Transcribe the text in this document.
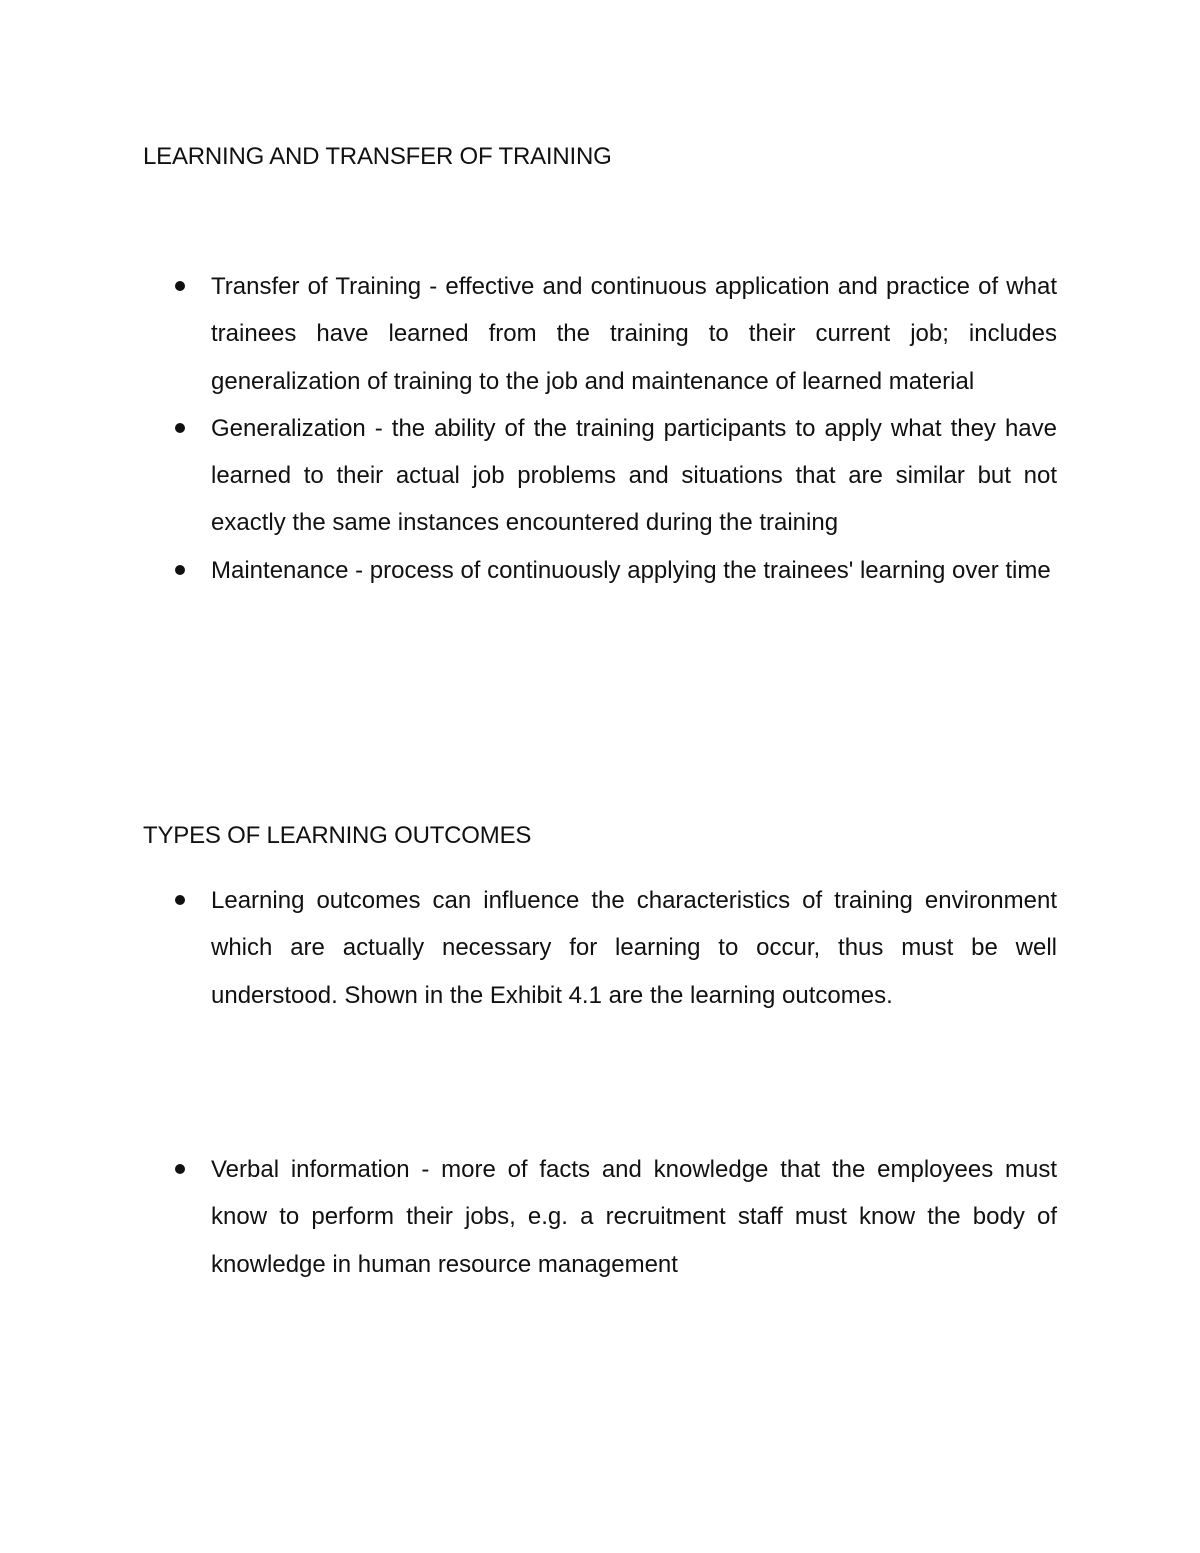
LEARNING AND TRANSFER OF TRAINING
Transfer of Training - effective and continuous application and practice of what trainees have learned from the training to their current job; includes generalization of training to the job and maintenance of learned material
Generalization - the ability of the training participants to apply what they have learned to their actual job problems and situations that are similar but not exactly the same instances encountered during the training
Maintenance - process of continuously applying the trainees' learning over time
TYPES OF LEARNING OUTCOMES
Learning outcomes can influence the characteristics of training environment which are actually necessary for learning to occur, thus must be well understood. Shown in the Exhibit 4.1 are the learning outcomes.
Verbal information - more of facts and knowledge that the employees must know to perform their jobs, e.g. a recruitment staff must know the body of knowledge in human resource management
